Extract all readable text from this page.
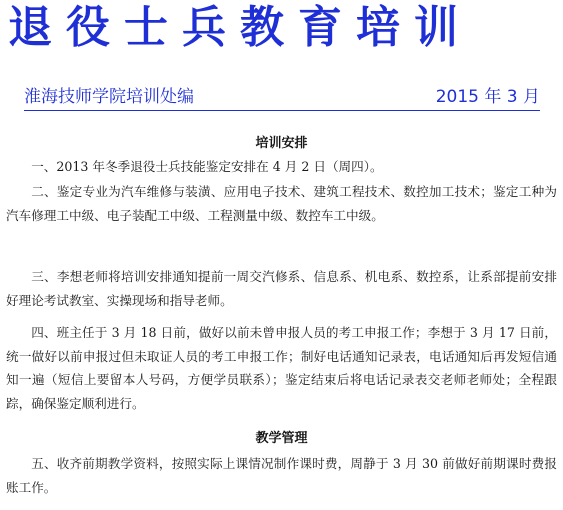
退役士兵教育培训
淮海技师学院培训处编	2015 年 3 月
培训安排
一、2013 年冬季退役士兵技能鉴定安排在 4 月 2 日（周四）。
二、鉴定专业为汽车维修与装潢、应用电子技术、建筑工程技术、数控加工技术；鉴定工种为汽车修理工中级、电子装配工中级、工程测量中级、数控车工中级。
三、李想老师将培训安排通知提前一周交汽修系、信息系、机电系、数控系，让系部提前安排好理论考试教室、实操现场和指导老师。
四、班主任于 3 月 18 日前，做好以前未曾申报人员的考工申报工作；李想于 3 月 17 日前，统一做好以前申报过但未取证人员的考工申报工作；制好电话通知记录表，电话通知后再发短信通知一遍（短信上要留本人号码，方便学员联系）；鉴定结束后将电话记录表交老师老师处；全程跟踪，确保鉴定顺利进行。
教学管理
五、收齐前期教学资料，按照实际上课情况制作课时费，周静于 3 月 30 前做好前期课时费报账工作。
